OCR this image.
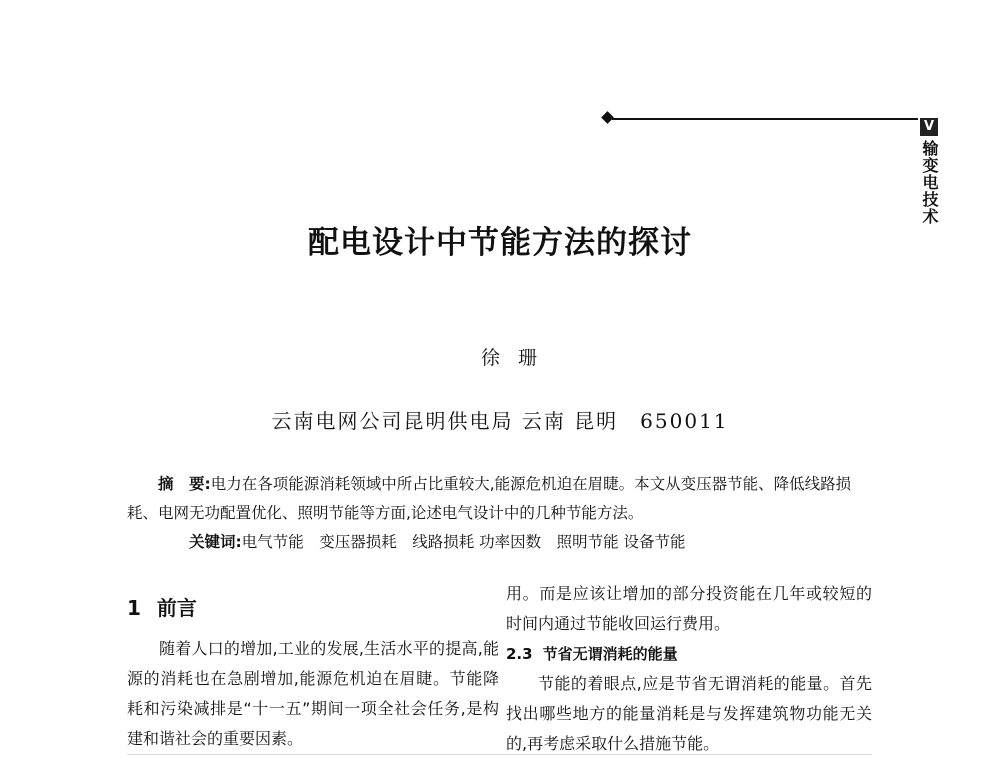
V
输变电技术
配电设计中节能方法的探讨
徐珊
云南电网公司昆明供电局 云南 昆明　650011

摘　要:电力在各项能源消耗领域中所占比重较大,能源危机迫在眉睫。本文从变压器节能、降低线路损耗、电网无功配置优化、照明节能等方面,论述电气设计中的几种节能方法。

关键词:电气节能　变压器损耗　线路损耗 功率因数　照明节能 设备节能

1 前言

随着人口的增加,工业的发展,生活水平的提高,能源的消耗也在急剧增加,能源危机迫在眉睫。节能降耗和污染减排是“十一五”期间一项全社会任务,是构建和谐社会的重要因素。

用。而是应该让增加的部分投资能在几年或较短的时间内通过节能收回运行费用。

2.3 节省无谓消耗的能量

节能的着眼点,应是节省无谓消耗的能量。首先找出哪些地方的能量消耗是与发挥建筑物功能无关的,再考虑采取什么措施节能。
